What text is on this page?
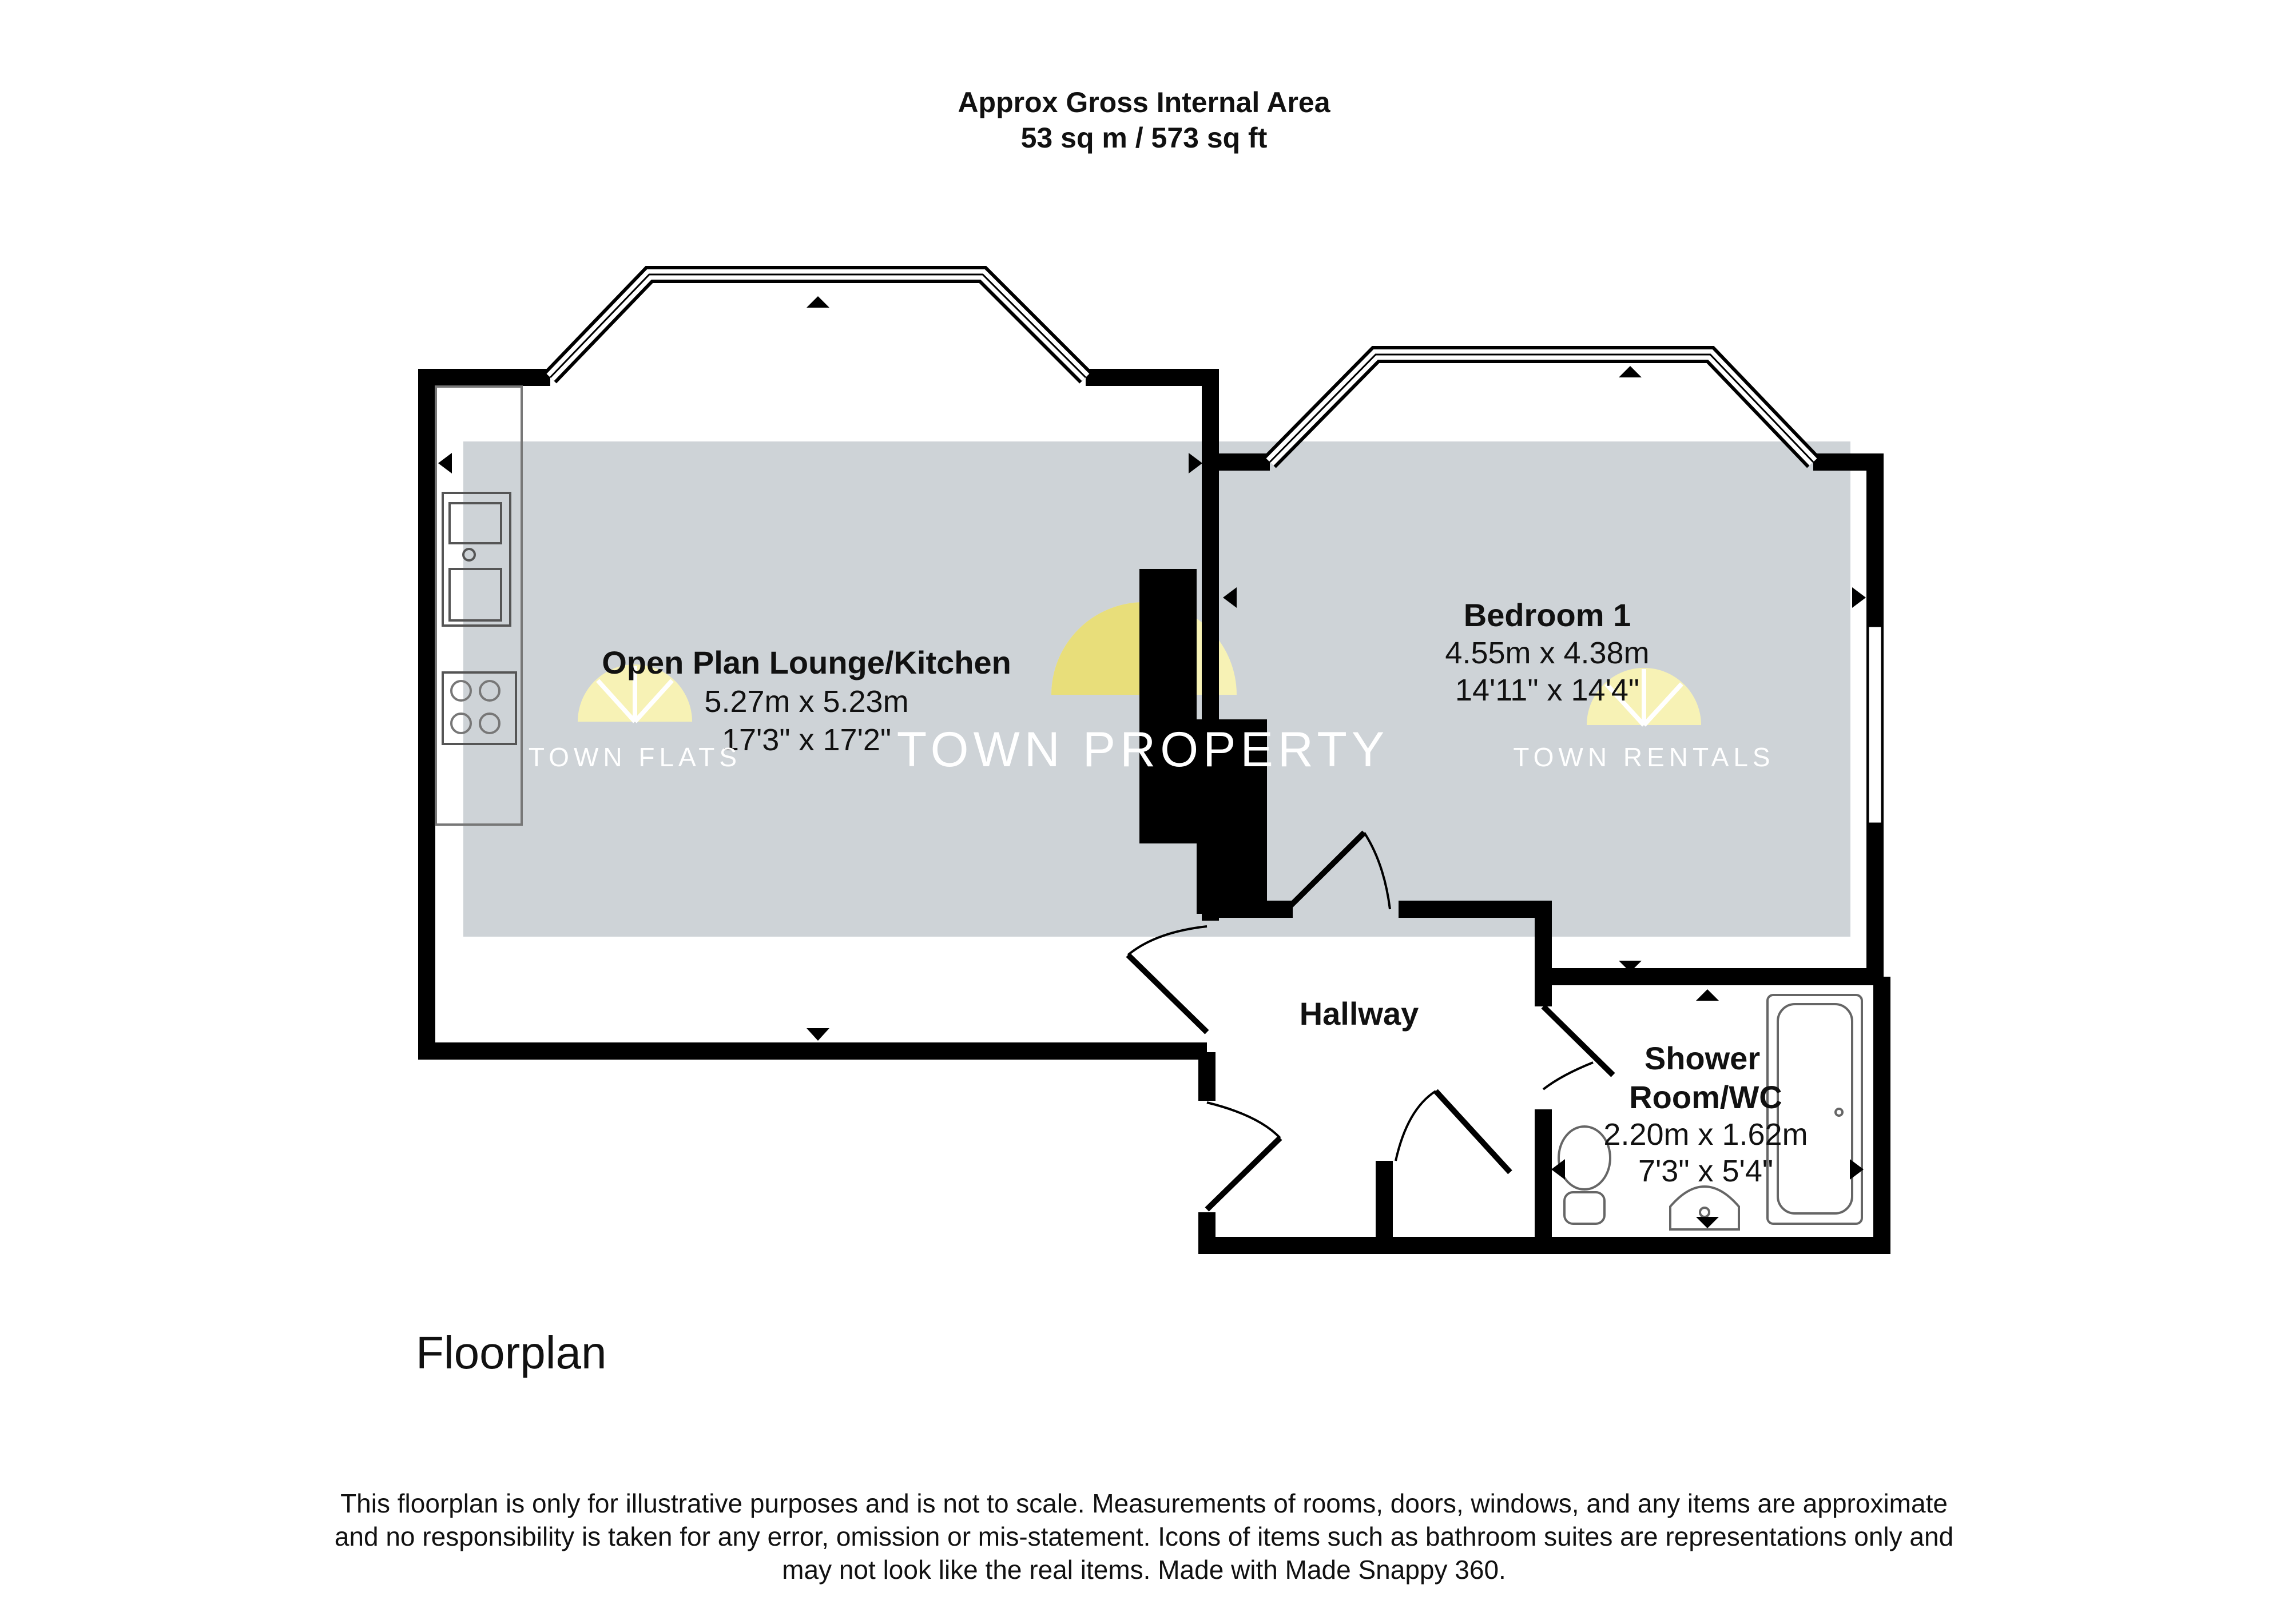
Approx Gross Internal Area
53 sq m / 573 sq ft
Open Plan Lounge/Kitchen
5.27m x 5.23m
17'3" x 17'2"
Bedroom 1
4.55m x 4.38m
14'11" x 14'4"
Hallway
Shower
Room/WC
2.20m x 1.62m
7'3" x 5'4"
TOWN FLATS	TOWN PROPERTY	TOWN RENTALS
Floorplan
This floorplan is only for illustrative purposes and is not to scale. Measurements of rooms, doors, windows, and any items are approximate
and no responsibility is taken for any error, omission or mis-statement. Icons of items such as bathroom suites are representations only and
may not look like the real items. Made with Made Snappy 360.
